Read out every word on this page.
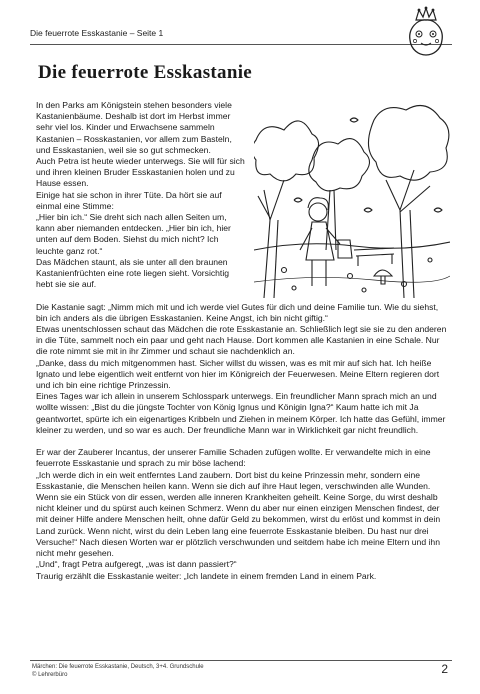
Die feuerrote Esskastanie – Seite 1
Die feuerrote Esskastanie

In den Parks am Königstein stehen besonders viele Kastanienbäume. Deshalb ist dort im Herbst immer sehr viel los. Kinder und Erwachsene sammeln Kastanien – Rosskastanien, vor allem zum Basteln, und Esskastanien, weil sie so gut schmecken.

Auch Petra ist heute wieder unterwegs. Sie will für sich und ihren kleinen Bruder Esskastanien holen und zu Hause essen.

Einige hat sie schon in ihrer Tüte. Da hört sie auf einmal eine Stimme:

„Hier bin ich.“ Sie dreht sich nach allen Seiten um, kann aber niemanden entdecken. „Hier bin ich, hier unten auf dem Boden. Siehst du mich nicht? Ich leuchte ganz rot.“

Das Mädchen staunt, als sie unter all den braunen Kastanienfrüchten eine rote liegen sieht. Vorsichtig hebt sie sie auf.

Die Kastanie sagt: „Nimm mich mit und ich werde viel Gutes für dich und deine Familie tun. Wie du siehst, bin ich anders als die übrigen Esskastanien. Keine Angst, ich bin nicht giftig.“

Etwas unentschlossen schaut das Mädchen die rote Esskastanie an. Schließlich legt sie sie zu den anderen in die Tüte, sammelt noch ein paar und geht nach Hause. Dort kommen alle Kastanien in eine Schale. Nur die rote nimmt sie mit in ihr Zimmer und schaut sie nachdenklich an.

„Danke, dass du mich mitgenommen hast. Sicher willst du wissen, was es mit mir auf sich hat. Ich heiße Ignato und lebe eigentlich weit entfernt von hier im Königreich der Feuerwesen. Meine Eltern regieren dort und ich bin eine richtige Prinzessin.

Eines Tages war ich allein in unserem Schlosspark unterwegs. Ein freundlicher Mann sprach mich an und wollte wissen: „Bist du die jüngste Tochter von König Ignus und Königin Igna?“ Kaum hatte ich mit Ja geantwortet, spürte ich ein eigenartiges Kribbeln und Ziehen in meinem Körper. Ich hatte das Gefühl, immer kleiner zu werden, und so war es auch. Der freundliche Mann war in Wirklichkeit gar nicht freundlich.

Er war der Zauberer Incantus, der unserer Familie Schaden zufügen wollte. Er verwandelte mich in eine feuerrote Esskastanie und sprach zu mir böse lachend:

„Ich werde dich in ein weit entferntes Land zaubern. Dort bist du keine Prinzessin mehr, sondern eine Esskastanie, die Menschen heilen kann. Wenn sie dich auf ihre Haut legen, verschwinden alle Wunden. Wenn sie ein Stück von dir essen, werden alle inneren Krankheiten geheilt. Keine Sorge, du wirst deshalb nicht kleiner und du spürst auch keinen Schmerz. Wenn du aber nur einen einzigen Menschen findest, der mit deiner Hilfe andere Menschen heilt, ohne dafür Geld zu bekommen, wirst du erlöst und kommst in dein Land zurück. Wenn nicht, wirst du dein Leben lang eine feuerrote Esskastanie bleiben. Du hast nur drei Versuche!“ Nach diesen Worten war er plötzlich verschwunden und seitdem habe ich meine Eltern und ihn nicht mehr gesehen.

„Und“, fragt Petra aufgeregt, „was ist dann passiert?“

Traurig erzählt die Esskastanie weiter: „Ich landete in einem fremden Land in einem Park.

Märchen: Die feuerrote Esskastanie, Deutsch, 3+4. Grundschule
© Lehrerbüro	2
